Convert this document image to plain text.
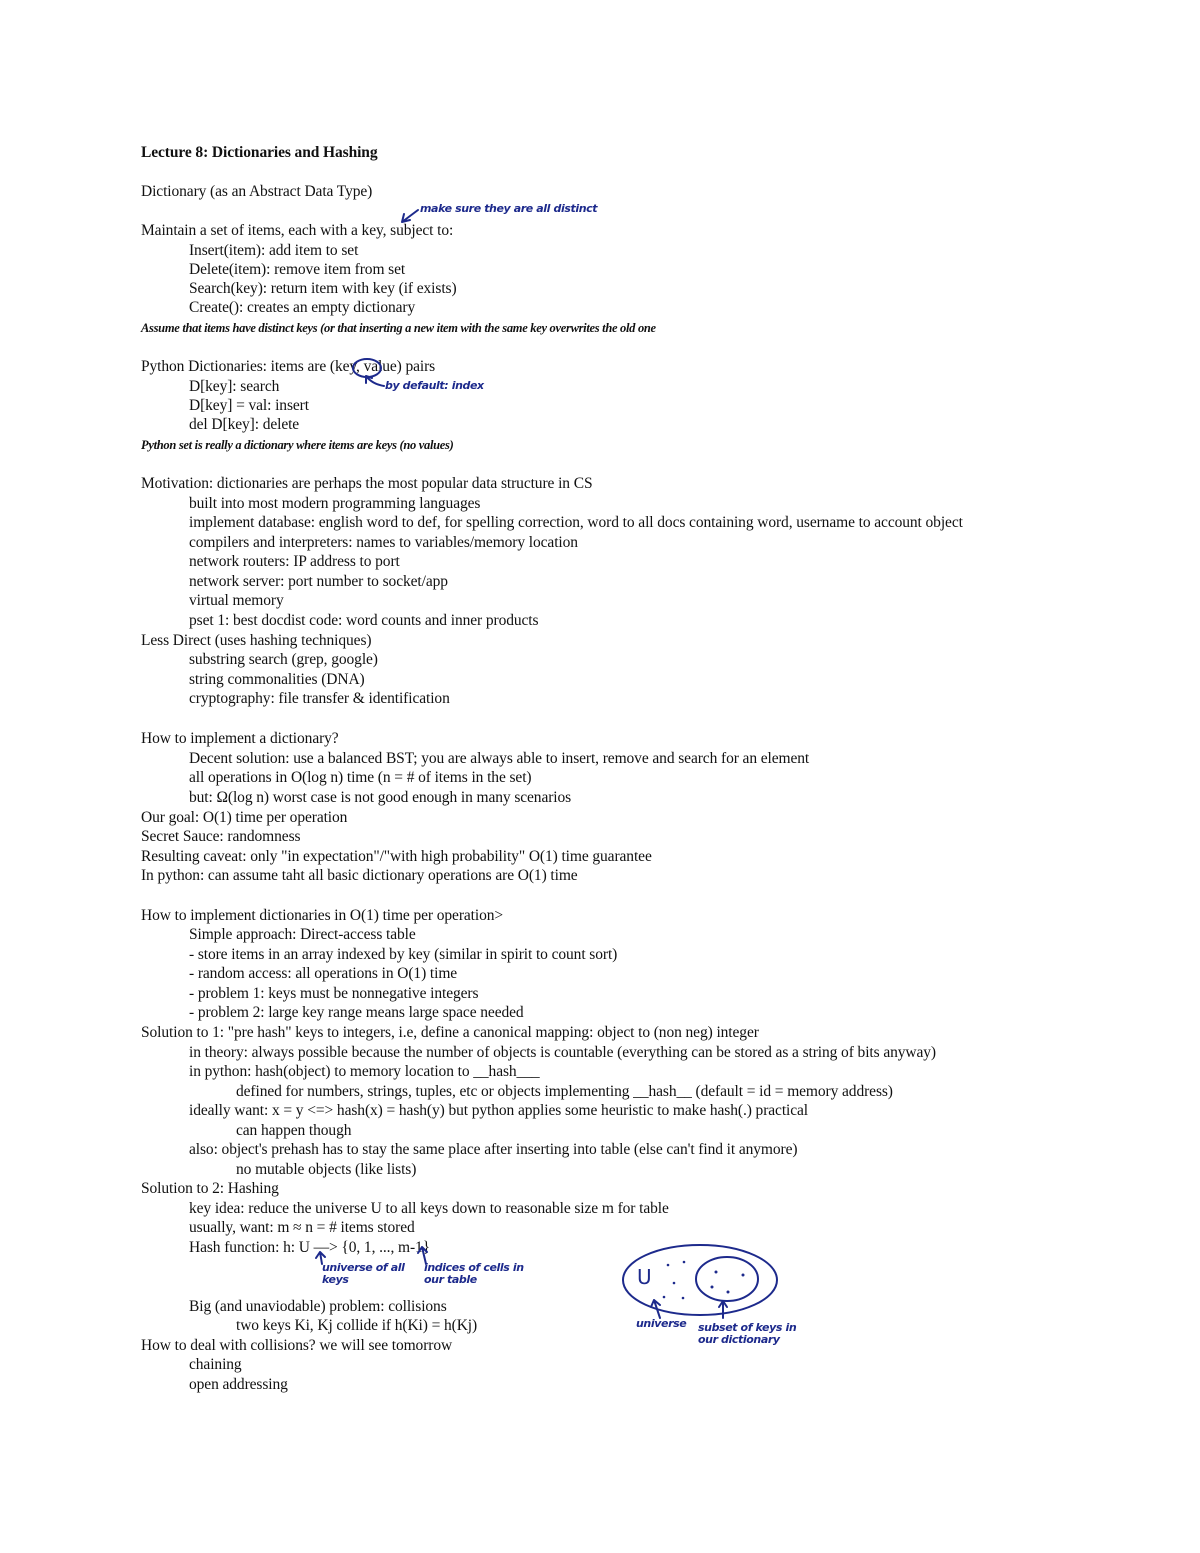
Lecture 8: Dictionaries and Hashing
Dictionary (as an Abstract Data Type)
Maintain a set of items, each with a key, subject to:
Insert(item): add item to set
Delete(item): remove item from set
Search(key): return item with key (if exists)
Create(): creates an empty dictionary
Assume that items have distinct keys (or that inserting a new item with the same key overwrites the old one
Python Dictionaries: items are (key, value) pairs
D[key]: search
D[key] = val: insert
del D[key]: delete
Python set is really a dictionary where items are keys (no values)
Motivation: dictionaries are perhaps the most popular data structure in CS
built into most modern programming languages
implement database: english word to def, for spelling correction, word to all docs containing word, username to account object
compilers and interpreters: names to variables/memory location
network routers: IP address to port
network server: port number to socket/app
virtual memory
pset 1: best docdist code: word counts and inner products
Less Direct (uses hashing techniques)
substring search (grep, google)
string commonalities (DNA)
cryptography: file transfer & identification
How to implement a dictionary?
Decent solution: use a balanced BST; you are always able to insert, remove and search for an element
all operations in O(log n) time (n = # of items in the set)
but: Ω(log n) worst case is not good enough in many scenarios
Our goal: O(1) time per operation
Secret Sauce: randomness
Resulting caveat: only "in expectation"/"with high probability" O(1) time guarantee
In python: can assume taht all basic dictionary operations are O(1) time
How to implement dictionaries in O(1) time per operation>
Simple approach: Direct-access table
- store items in an array indexed by key (similar in spirit to count sort)
- random access: all operations in O(1) time
- problem 1: keys must be nonnegative integers
- problem 2: large key range means large space needed
Solution to 1: "pre hash" keys to integers, i.e, define a canonical mapping: object to (non neg) integer
in theory: always possible because the number of objects is countable (everything can be stored as a string of bits anyway)
in python: hash(object) to memory location to __hash___
defined for numbers, strings, tuples, etc or objects implementing __hash__ (default = id = memory address)
ideally want: x = y <=> hash(x) = hash(y) but python applies some heuristic to make hash(.) practical
can happen though
also: object's prehash has to stay the same place after inserting into table (else can't find it anymore)
no mutable objects (like lists)
Solution to 2: Hashing
key idea: reduce the universe U to all keys down to reasonable size m for table
usually, want: m ≈ n = # items stored
Hash function: h: U —> {0, 1, ..., m-1}
Big (and unaviodable) problem: collisions
two keys Ki, Kj collide if h(Ki) = h(Kj)
How to deal with collisions? we will see tomorrow
chaining
open addressing
make sure they are all distinct
by default: index
universe of all keys
indices of cells in our table	U
universe subset of keys in our dictionary
